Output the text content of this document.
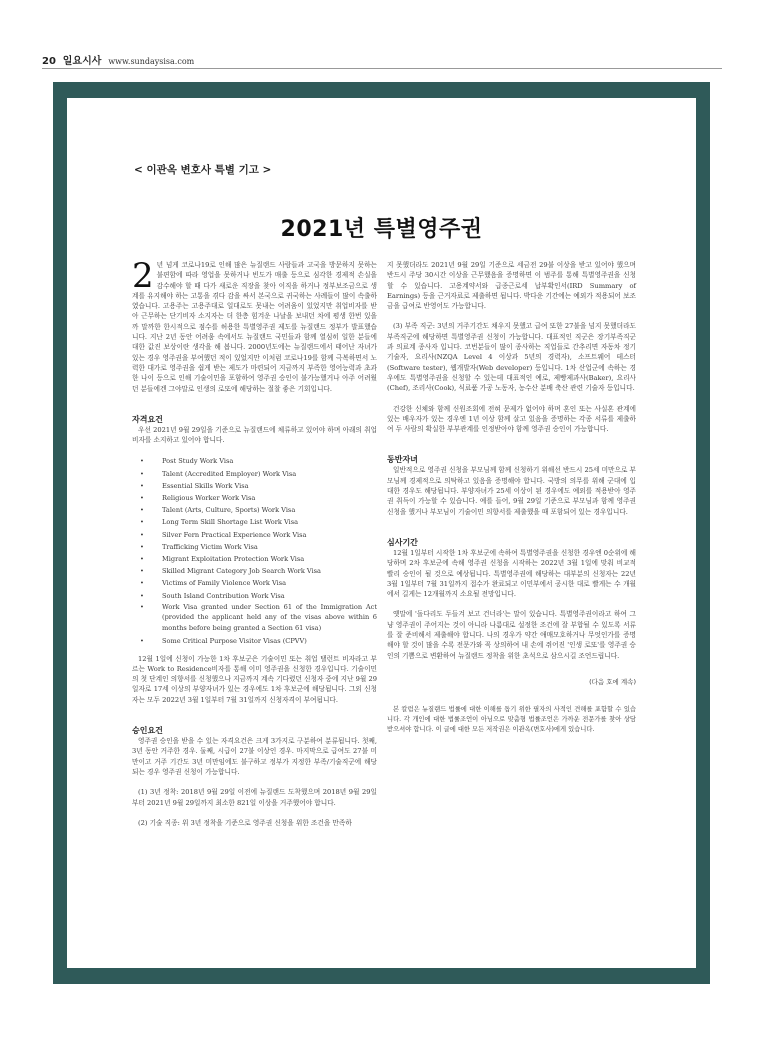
20 일요시사 www.sundaysisa.com
< 이관옥 변호사 특별 기고 >
2021년 특별영주권

2 년 넘게 코로나19로 인해 많은 뉴질랜드 사람들과 고국을 방문하지 못하는 불편함에 따라 영업을 못하거나 빈도가 매출 등으로 심각한 경제적 손실을 감수해야 할 때 다가 새로운 직장을 찾아 이직을 하거나 정부보조금으로 생계를 유지해야 하는 고통을 겪다 감을 싸서 본국으로 귀국하는 사례들이 많이 속출하였습니다. 고용주는 고용주대로 일대로도 못내는 어려움이 있었지만 취업비자를 받아 근무하는 단기비자 소지자는 더 한층 힘겨운 나날을 보내던 차에 평생 한번 있을까 말까한 한시적으로 점수를 허용한 특별영주권 제도를 뉴질랜드 정부가 발표했습니다. 지난 2년 동안 어려움 속에서도 뉴질랜드 국민들과 함께 열심히 일한 분들에 대한 값진 보상이란 생각을 해 봅니다. 2000년도에는 뉴질랜드에서 태어난 자녀가 있는 경우 영주권을 부여했던 적이 있었지만 이처럼 코로나19를 함께 극복하면서 노력한 대가로 영주권을 쉽게 받는 제도가 마련되어 지금까지 부족한 영어능력과 초과한 나이 등으로 인해 기술이민을 포함하여 영주권 승인이 불가능했거나 아주 어려웠던 분들에겐 그야말로 인생의 로또에 해당하는 절찰 좋은 기회입니다.

자격요건

우선 2021년 9월 29일을 기준으로 뉴질랜드에 체류하고 있어야 하며 아래의 취업비자를 소지하고 있어야 합니다.

• Post Study Work Visa
• Talent (Accredited Employer) Work Visa
• Essential Skills Work Visa
• Religious Worker Work Visa
• Talent (Arts, Culture, Sports) Work Visa
• Long Term Skill Shortage List Work Visa
• Silver Fern Practical Experience Work Visa
• Trafficking Victim Work Visa
• Migrant Exploitation Protection Work Visa
• Skilled Migrant Category Job Search Work Visa
• Victims of Family Violence Work Visa
• South Island Contribution Work Visa
• Work Visa granted under Section 61 of the Immigration Act (provided the applicant held any of the visas above within 6 months before being granted a Section 61 visa)
• Some Critical Purpose Visitor Visas (CPVV)

12월 1일에 신청이 가능한 1차 후보군은 기술이민 또는 취업 탤런트 비자라고 부르는 Work to Residence비자를 통해 이미 영주권을 신청한 경우입니다. 기술이민의 첫 단계인 의향서를 신청했으나 지금까지 계속 기다렸던 신청자 중에 지난 9월 29일자로 17세 이상의 부양자녀가 있는 경우에도 1차 후보군에 해당됩니다. 그외 신청자는 모두 2022년 3월 1일부터 7월 31일까지 신청자격이 부여됩니다.

승인요건

영주권 승인을 받을 수 있는 자격요건은 크게 3가지로 구분하여 분류됩니다. 첫째, 3년 동안 거주한 경우. 둘째, 시급이 27불 이상인 경우. 마지막으로 급여도 27불 미만이고 거주 기간도 3년 미만임에도 불구하고 정부가 지정한 부족/기술직군에 해당되는 경우 영주권 신청이 가능합니다.

(1) 3년 정착: 2018년 9월 29일 이전에 뉴질랜드 도착했으며 2018년 9월 29일부터 2021년 9월 29일까지 최소한 821일 이상을 거주했어야 합니다.

(2) 기술 직종: 위 3년 정착을 기준으로 영주권 신청을 위한 조건을 만족하

지 못했더라도 2021년 9월 29일 기준으로 세금전 29불 이상을 받고 있어야 했으며 반드시 주당 30시간 이상을 근무했음을 증명하면 이 범주를 통해 특별영주권을 신청할 수 있습니다. 고용계약서와 급종근로세 납부확인서(IRD Summary of Earnings) 등을 근거자료로 제출하면 됩니다. 박다운 기간에는 예외가 적용되어 보조금을 급여로 반영어도 가능합니다.

(3) 부족 직군: 3년의 거주기간도 채우지 못했고 급여 또한 27불을 넘지 못했더라도 부족직군에 해당하면 특별영주권 신청이 가능합니다. 대표적인 직군은 장기부족직군과 의료계 종사자 입니다. 코번분들이 많이 종사하는 직업들로 간추리면 자동차 정기기술자, 요리사(NZQA Level 4 이상과 5년의 경력자), 소프트웨어 테스터(Software tester), 웹개발자(Web developer) 등입니다. 1차 산업군에 속하는 경우에도 특별영주권을 신청할 수 있는데 대표적인 예로, 제빵제과사(Baker), 요리사(Chef), 조리사(Cook), 식료품 가공 노동자, 농수산 분배 축산 관련 기술자 등입니다.

건강한 신체와 함께 신원조회에 전혀 문제가 없어야 하며 혼인 또는 사실혼 관계에 있는 배우자가 있는 경우엔 1년 이상 함께 살고 있음을 증명하는 각종 서류를 제출하여 두 사람의 확실한 부부관계를 인정받아야 함께 영주권 승인이 가능합니다.

동반자녀

일반적으로 영주권 신청을 부모님께 함께 신청하기 위해선 반드시 25세 미만으로 부모님께 경제적으로 의탁하고 있음을 증명해야 합니다. 국방의 의무를 위해 군대에 입대한 경우도 해당됩니다. 부양자녀가 25세 이상이 된 경우에도 예외를 적용받아 영주권 취득이 가능할 수 있습니다. 예를 들어, 9월 29일 기준으로 부모님과 함께 영주권 신청을 했거나 부모님이 기술이민 의향서를 제출했을 때 포함되어 있는 경우입니다.

심사기간

12월 1일부터 시작한 1차 후보군에 속하여 특별영주권을 신청한 경우엔 0순위에 해당하며 2차 후보군에 속해 영주권 신청을 시작하는 2022년 3월 1일에 맞춰 비교적 빨리 승인이 될 것으로 예상됩니다. 특별영주권에 해당하는 대부분의 신청자는 22년 3월 1일부터 7월 31일까지 접수가 완료되고 이민부에서 공시한 대로 빨게는 수 개월에서 길게는 12개월까지 소요될 전망입니다.

옛말에 '돌다리도 두들겨 보고 건너라'는 말이 있습니다. 특별영주권이라고 하여 그냥 영주권이 주어지는 것이 아니라 나름대로 설정한 조건에 잘 부합될 수 있도록 서류를 잘 준비해서 제출해야 합니다. 나의 경우가 약간 애매모호하거나 무엇인가를 증명해야 할 것이 많을 수록 전문가와 꼭 상의하여 내 손에 쥐어진 '인생 로또'를 영주권 승인의 기쁨으로 변환하여 뉴질랜드 정착을 위한 초석으로 삼으시길 조언드립니다.

(다음 호에 계속)

본 칼럼은 뉴질랜드 법률에 대한 이해를 돕기 위한 필자의 사적인 견해를 포함할 수 있습니다. 각 개인에 대한 법률조언이 아님으로 맞춤형 법률조언은 가까운 전문가를 찾아 상담받으셔야 합니다. 이 글에 대한 모든 저작권은 이관옥(변호사)에게 있습니다.
